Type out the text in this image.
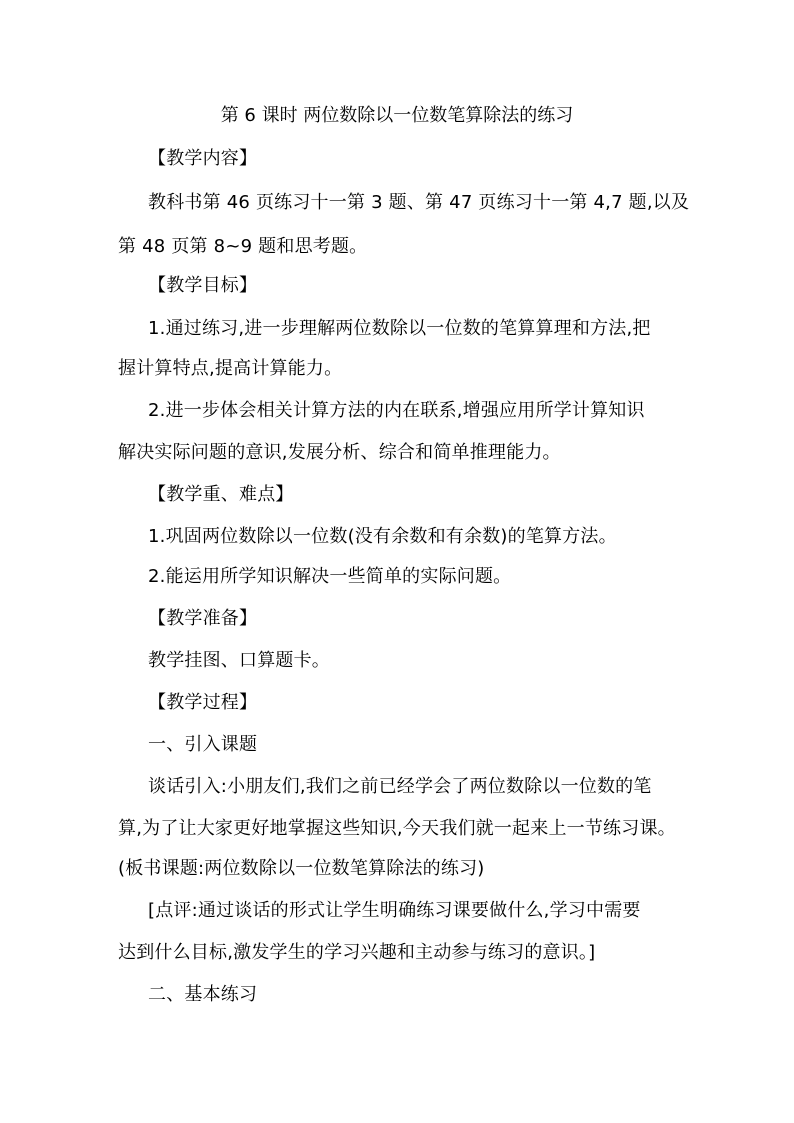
第 6 课时 两位数除以一位数笔算除法的练习
【教学内容】
教科书第 46 页练习十一第 3 题、第 47 页练习十一第 4,7 题,以及
第 48 页第 8~9 题和思考题。
【教学目标】
1.通过练习,进一步理解两位数除以一位数的笔算算理和方法,把
握计算特点,提高计算能力。
2.进一步体会相关计算方法的内在联系,增强应用所学计算知识
解决实际问题的意识,发展分析、综合和简单推理能力。
【教学重、难点】
1.巩固两位数除以一位数(没有余数和有余数)的笔算方法。
2.能运用所学知识解决一些简单的实际问题。
【教学准备】
教学挂图、口算题卡。
【教学过程】
一、引入课题
谈话引入:小朋友们,我们之前已经学会了两位数除以一位数的笔
算,为了让大家更好地掌握这些知识,今天我们就一起来上一节练习课。
(板书课题:两位数除以一位数笔算除法的练习)
[点评:通过谈话的形式让学生明确练习课要做什么,学习中需要
达到什么目标,激发学生的学习兴趣和主动参与练习的意识。]
二、基本练习
